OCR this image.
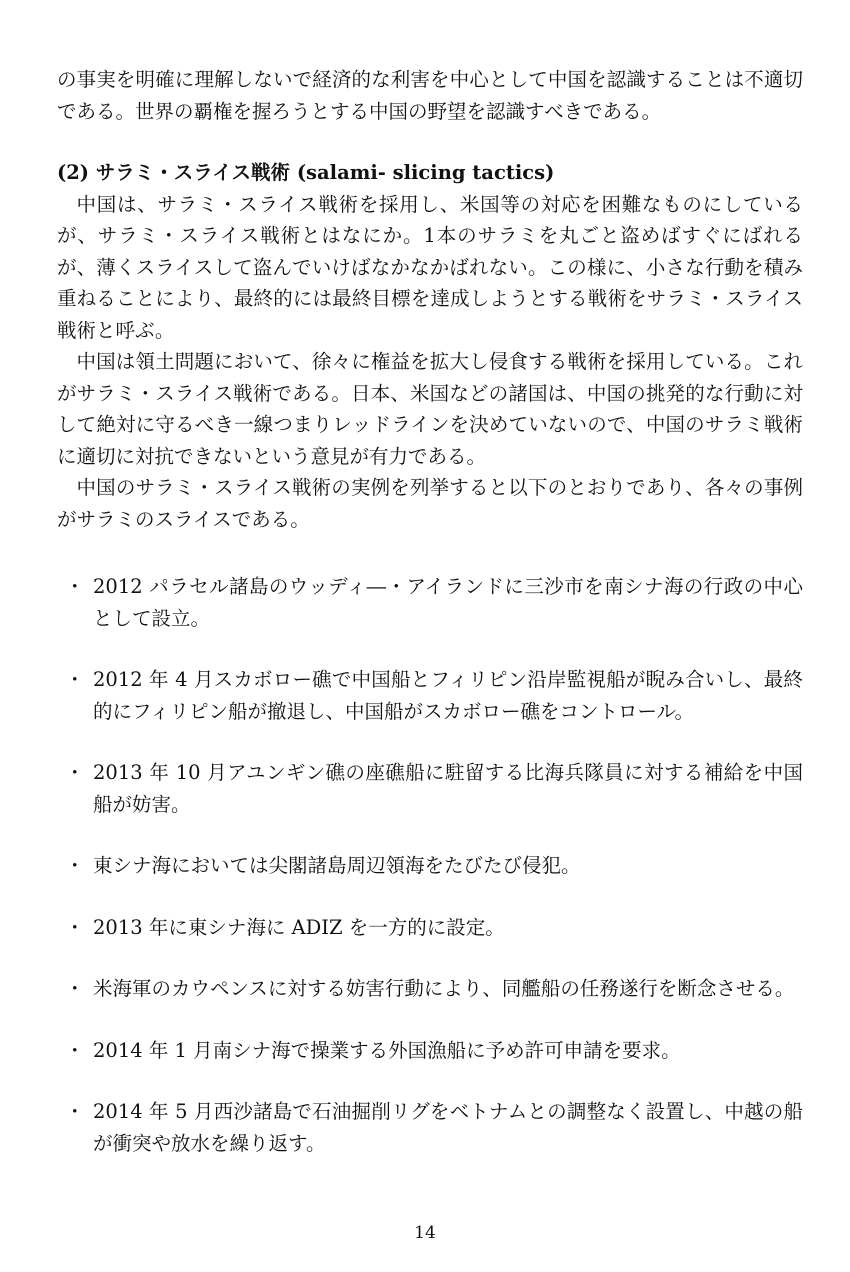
の事実を明確に理解しないで経済的な利害を中心として中国を認識することは不適切である。世界の覇権を握ろうとする中国の野望を認識すべきである。

(2) サラミ・スライス戦術 (salami- slicing tactics)

中国は、サラミ・スライス戦術を採用し、米国等の対応を困難なものにしているが、サラミ・スライス戦術とはなにか。1本のサラミを丸ごと盗めばすぐにばれるが、薄くスライスして盗んでいけばなかなかばれない。この様に、小さな行動を積み重ねることにより、最終的には最終目標を達成しようとする戦術をサラミ・スライス戦術と呼ぶ。

中国は領土問題において、徐々に権益を拡大し侵食する戦術を採用している。これがサラミ・スライス戦術である。日本、米国などの諸国は、中国の挑発的な行動に対して絶対に守るべき一線つまりレッドラインを決めていないので、中国のサラミ戦術に適切に対抗できないという意見が有力である。

中国のサラミ・スライス戦術の実例を列挙すると以下のとおりであり、各々の事例がサラミのスライスである。

・ 2012 パラセル諸島のウッディ―・アイランドに三沙市を南シナ海の行政の中心として設立。
・ 2012 年 4 月スカボロー礁で中国船とフィリピン沿岸監視船が睨み合いし、最終的にフィリピン船が撤退し、中国船がスカボロー礁をコントロール。
・ 2013 年 10 月アユンギン礁の座礁船に駐留する比海兵隊員に対する補給を中国船が妨害。
・ 東シナ海においては尖閣諸島周辺領海をたびたび侵犯。
・ 2013 年に東シナ海に ADIZ を一方的に設定。
・ 米海軍のカウペンスに対する妨害行動により、同艦船の任務遂行を断念させる。
・ 2014 年 1 月南シナ海で操業する外国漁船に予め許可申請を要求。
・ 2014 年 5 月西沙諸島で石油掘削リグをベトナムとの調整なく設置し、中越の船が衝突や放水を繰り返す。
14
